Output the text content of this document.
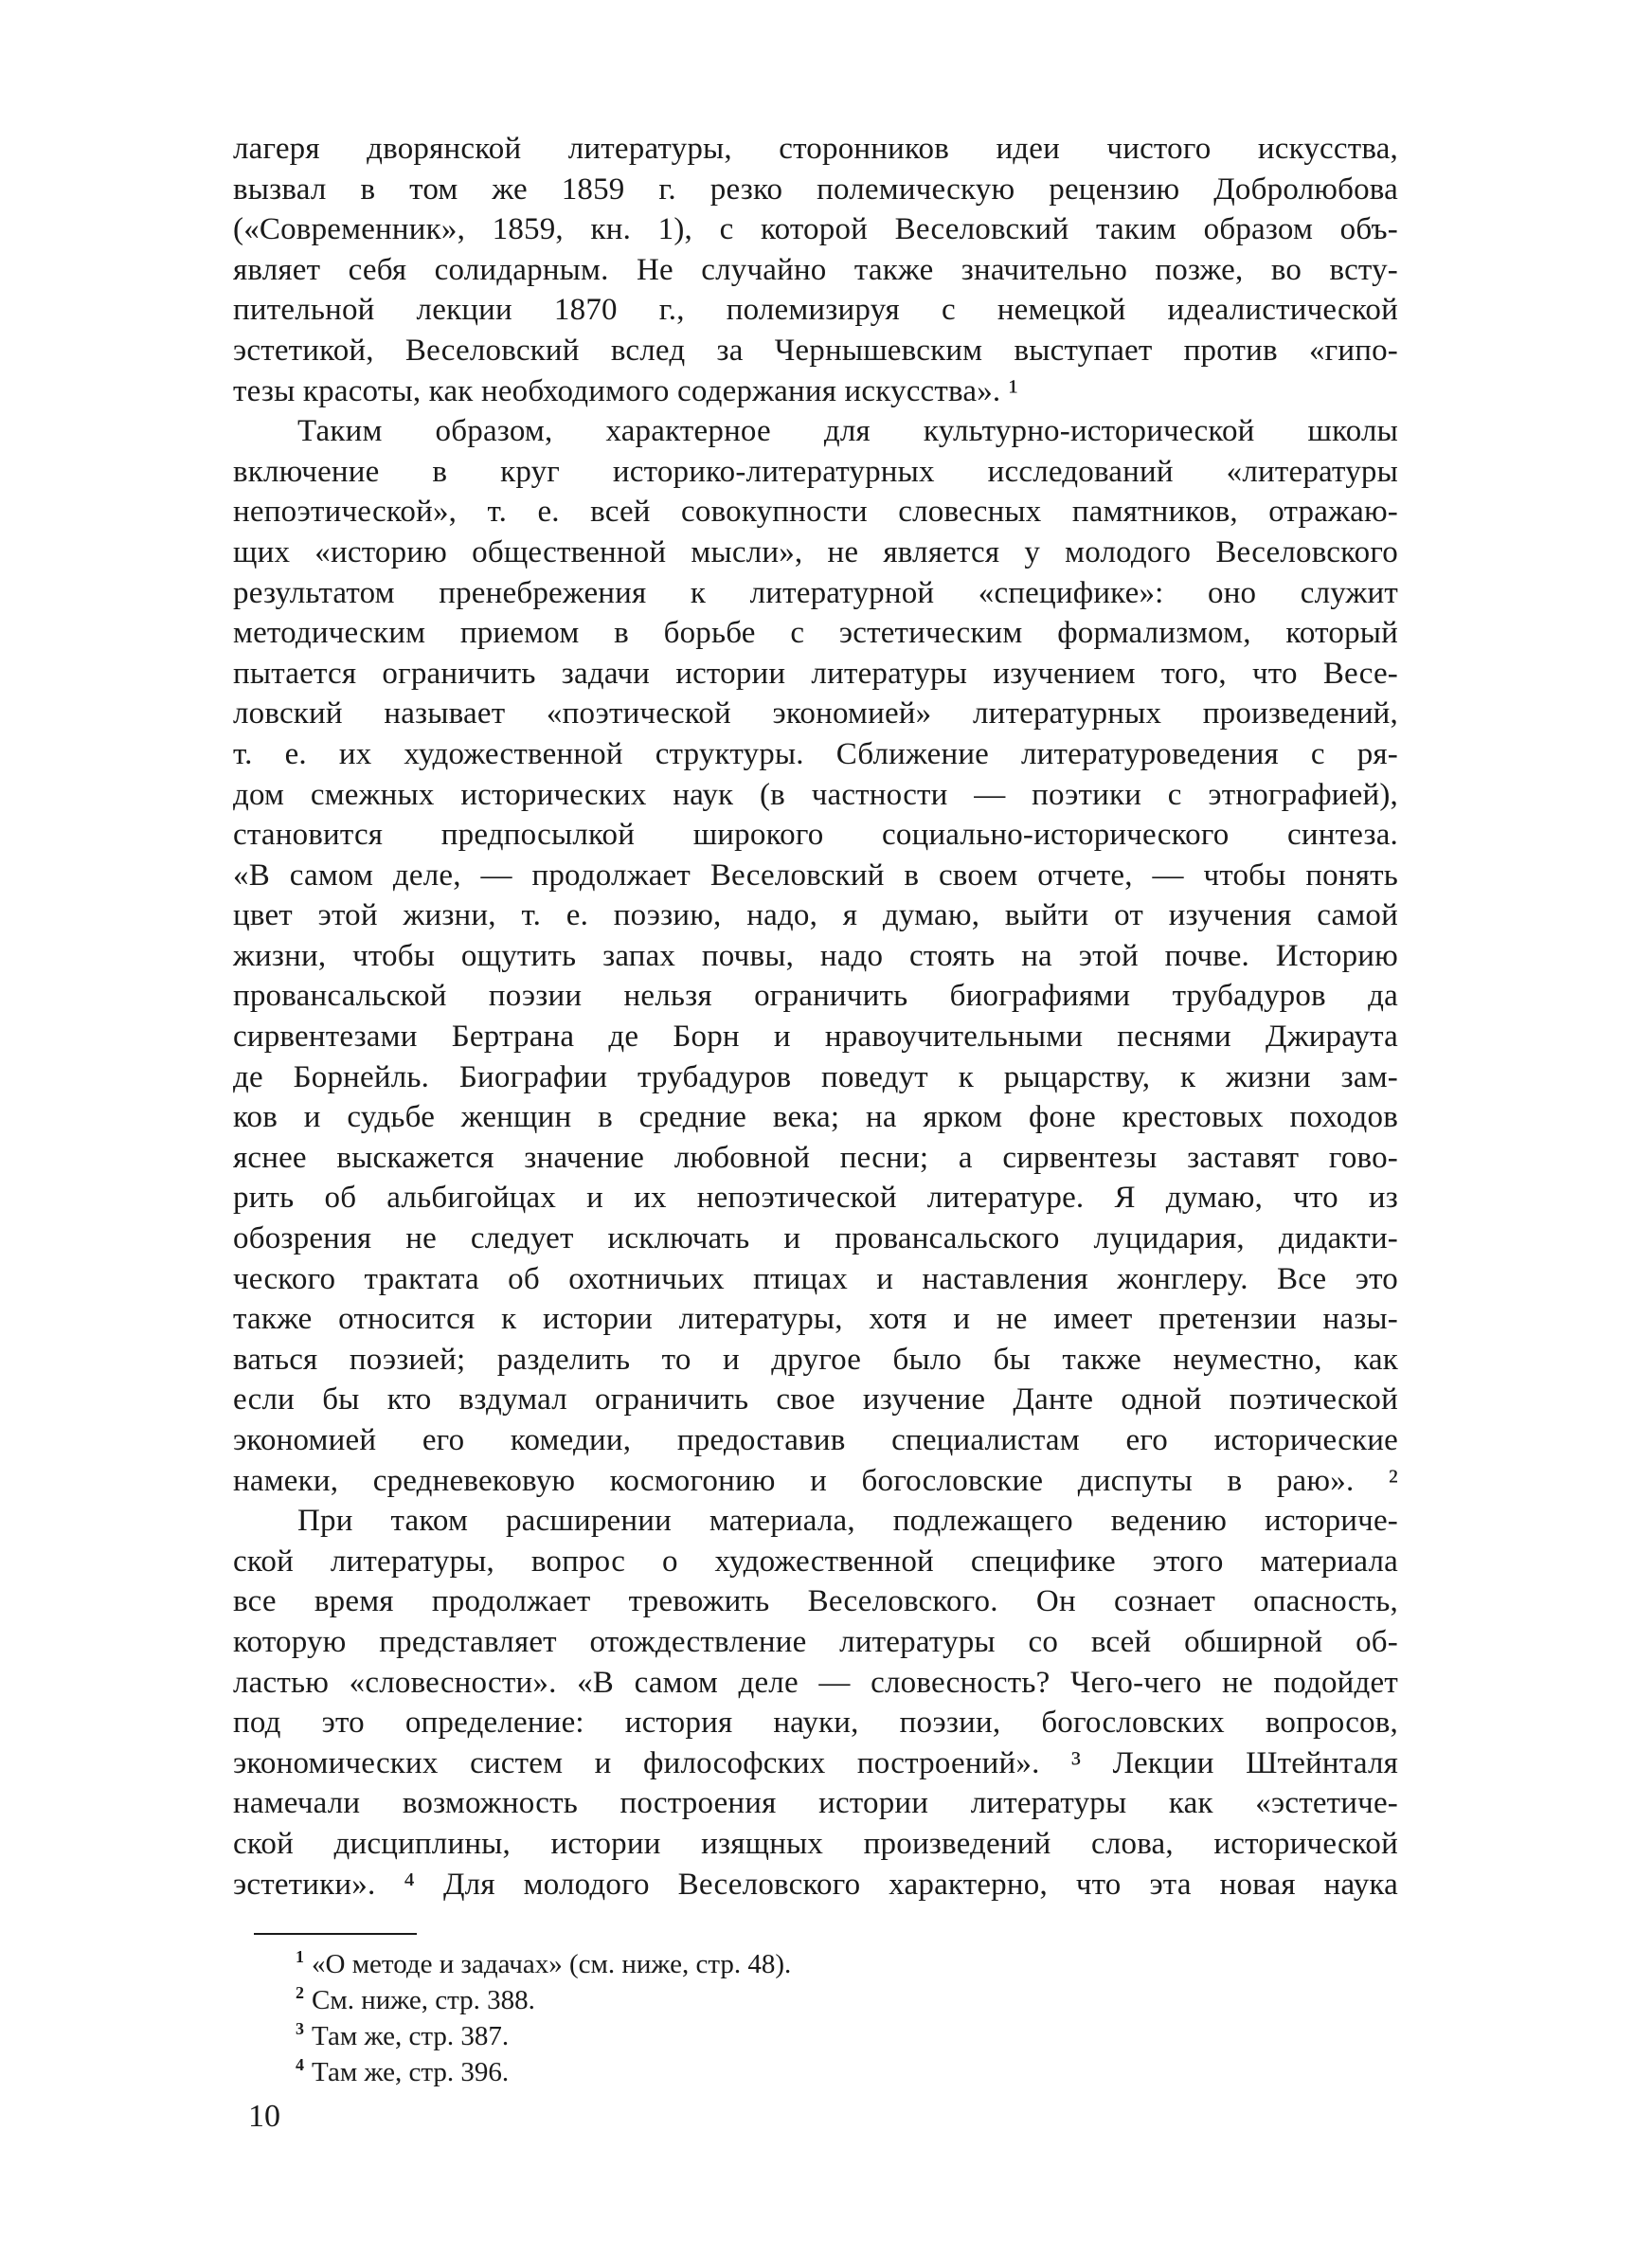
лагеря дворянской литературы, сторонников идеи чистого искусства,
вызвал в том же 1859 г. резко полемическую рецензию Добролюбова
(«Современник», 1859, кн. 1), с которой Веселовский таким образом объ-
являет себя солидарным. Не случайно также значительно позже, во всту-
пительной лекции 1870 г., полемизируя с немецкой идеалистической
эстетикой, Веселовский вслед за Чернышевским выступает против «гипо-
тезы красоты, как необходимого содержания искусства». ¹
Таким образом, характерное для культурно-исторической школы
включение в круг историко-литературных исследований «литературы
непоэтической», т. е. всей совокупности словесных памятников, отражаю-
щих «историю общественной мысли», не является у молодого Веселовского
результатом пренебрежения к литературной «специфике»: оно служит
методическим приемом в борьбе с эстетическим формализмом, который
пытается ограничить задачи истории литературы изучением того, что Весе-
ловский называет «поэтической экономией» литературных произведений,
т. е. их художественной структуры. Сближение литературоведения с ря-
дом смежных исторических наук (в частности — поэтики с этнографией),
становится предпосылкой широкого социально-исторического синтеза.
«В самом деле, — продолжает Веселовский в своем отчете, — чтобы понять
цвет этой жизни, т. е. поэзию, надо, я думаю, выйти от изучения самой
жизни, чтобы ощутить запах почвы, надо стоять на этой почве. Историю
провансальской поэзии нельзя ограничить биографиями трубадуров да
сирвентезами Бертрана де Борн и нравоучительными песнями Джираута
де Борнейль. Биографии трубадуров поведут к рыцарству, к жизни зам-
ков и судьбе женщин в средние века; на ярком фоне крестовых походов
яснее выскажется значение любовной песни; а сирвентезы заставят гово-
рить об альбигойцах и их непоэтической литературе. Я думаю, что из
обозрения не следует исключать и провансальского луцидария, дидакти-
ческого трактата об охотничьих птицах и наставления жонглеру. Все это
также относится к истории литературы, хотя и не имеет претензии назы-
ваться поэзией; разделить то и другое было бы также неуместно, как
если бы кто вздумал ограничить свое изучение Данте одной поэтической
экономией его комедии, предоставив специалистам его исторические
намеки, средневековую космогонию и богословские диспуты в раю». ²
При таком расширении материала, подлежащего ведению историче-
ской литературы, вопрос о художественной специфике этого материала
все время продолжает тревожить Веселовского. Он сознает опасность,
которую представляет отождествление литературы со всей обширной об-
ластью «словесности». «В самом деле — словесность? Чего-чего не подойдет
под это определение: история науки, поэзии, богословских вопросов,
экономических систем и философских построений». ³ Лекции Штейнталя
намечали возможность построения истории литературы как «эстетиче-
ской дисциплины, истории изящных произведений слова, исторической
эстетики». ⁴ Для молодого Веселовского характерно, что эта новая наука
1 «О методе и задачах» (см. ниже, стр. 48).
2 См. ниже, стр. 388.
3 Там же, стр. 387.
4 Там же, стр. 396.
10
